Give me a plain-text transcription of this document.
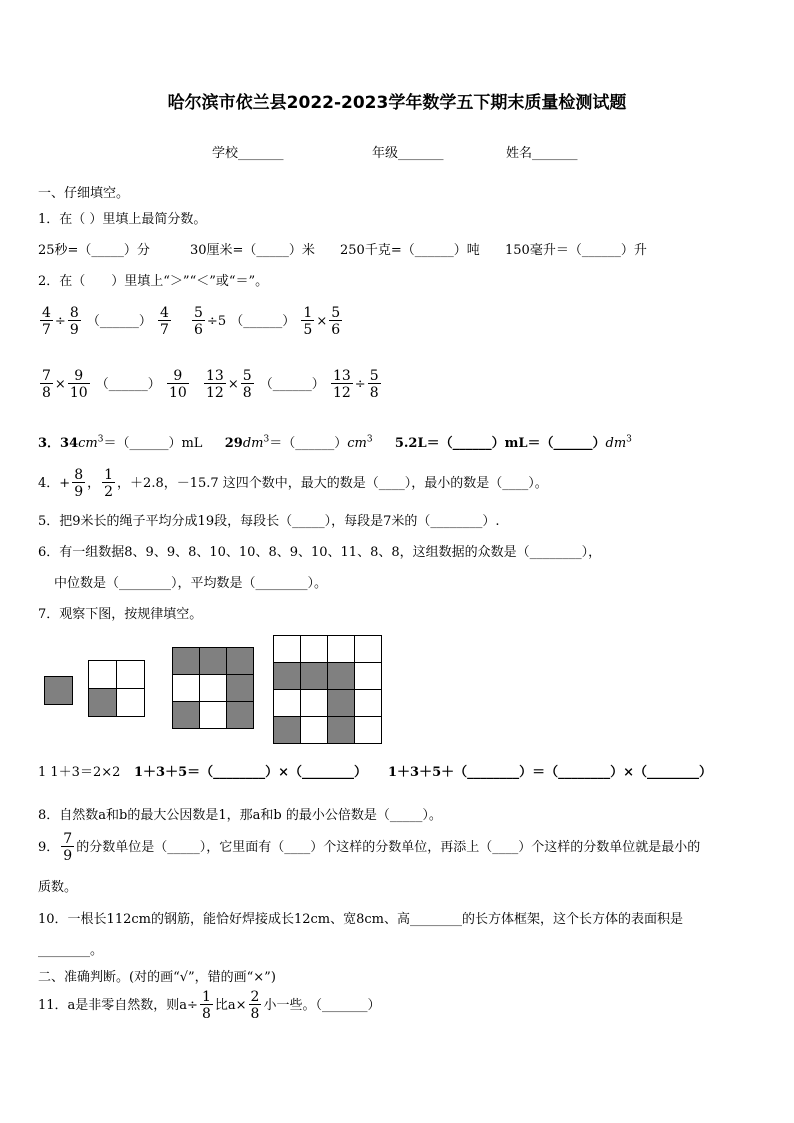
哈尔滨市依兰县2022-2023学年数学五下期末质量检测试题
学校_______	年级_______	姓名_______
一、仔细填空。
1．在（ ）里填上最简分数。
25秒=（_____）分	30厘米=（_____）米 250千克=（______）吨 150毫升＝（______）升
2．在（　　）里填上“＞”“＜”或“＝”。
$\frac{4}{7} \div \frac{8}{9}$ （______） $\frac{4}{7} \frac{5}{6} \div 5$ （______） $\frac{1}{5} \times \frac{5}{6}$
$\frac{7}{8} \times \frac{9}{10}$ （______） $\frac{9}{10} \frac{13}{12} \times \frac{5}{8}$ （______） $\frac{13}{12} \div \frac{5}{8}$
3．$34cm^3=(\_\_\_\_\_\_)mL$ $29dm^3=(\_\_\_\_\_\_)cm^3$ $5.2L=(\_\_\_\_\_\_)mL=(\_\_\_\_\_\_)dm^3$
4．+ $\frac{8}{9}$ ， $\frac{1}{2}$ ，＋2.8，－15.7 这四个数中，最大的数是（____），最小的数是（____）。
5．把9米长的绳子平均分成19段，每段长（_____），每段是7米的（________）.
6．有一组数据8、9、9、8、10、10、8、9、10、11、8、8，这组数据的众数是（________），
中位数是（________），平均数是（________）。
7．观察下图，按规律填空。

1 1＋3＝2×2 1＋3＋5＝（________）×（________） 1＋3＋5＋（________）＝（________）×（________）
8．自然数a和b的最大公因数是1，那a和b 的最小公倍数是（_____）。
9． $\frac{7}{9}$ 的分数单位是（_____），它里面有（____）个这样的分数单位，再添上（____）个这样的分数单位就是最小的
质数。
10．一根长112cm的钢筋，能恰好焊接成长12cm、宽8cm、高________的长方体框架，这个长方体的表面积是
________。
二、准确判断。(对的画“√”，错的画“×”)
11．a是非零自然数，则$a\div \frac{1}{8}$ 比$a\times \frac{2}{8}$ 小一些。（_______）
